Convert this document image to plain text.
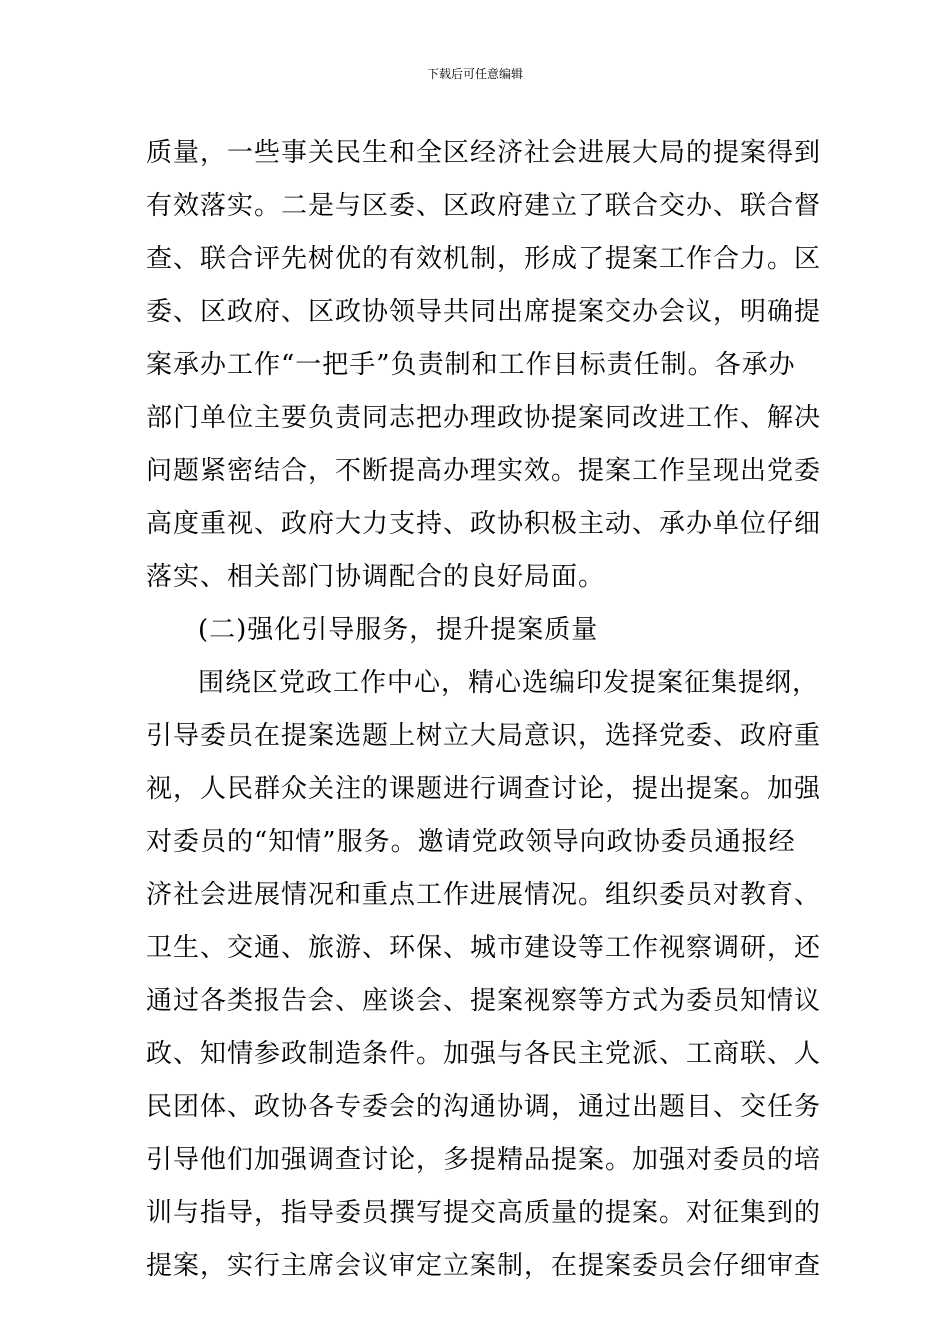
下载后可任意编辑
质量，一些事关民生和全区经济社会进展大局的提案得到
有效落实。二是与区委、区政府建立了联合交办、联合督
查、联合评先树优的有效机制，形成了提案工作合力。区
委、区政府、区政协领导共同出席提案交办会议，明确提
案承办工作“一把手”负责制和工作目标责任制。各承办
部门单位主要负责同志把办理政协提案同改进工作、解决
问题紧密结合，不断提高办理实效。提案工作呈现出党委
高度重视、政府大力支持、政协积极主动、承办单位仔细
落实、相关部门协调配合的良好局面。
(二)强化引导服务，提升提案质量
围绕区党政工作中心，精心选编印发提案征集提纲，
引导委员在提案选题上树立大局意识，选择党委、政府重
视，人民群众关注的课题进行调查讨论，提出提案。加强
对委员的“知情”服务。邀请党政领导向政协委员通报经
济社会进展情况和重点工作进展情况。组织委员对教育、
卫生、交通、旅游、环保、城市建设等工作视察调研，还
通过各类报告会、座谈会、提案视察等方式为委员知情议
政、知情参政制造条件。加强与各民主党派、工商联、人
民团体、政协各专委会的沟通协调，通过出题目、交任务
引导他们加强调查讨论，多提精品提案。加强对委员的培
训与指导，指导委员撰写提交高质量的提案。对征集到的
提案，实行主席会议审定立案制，在提案委员会仔细审查
